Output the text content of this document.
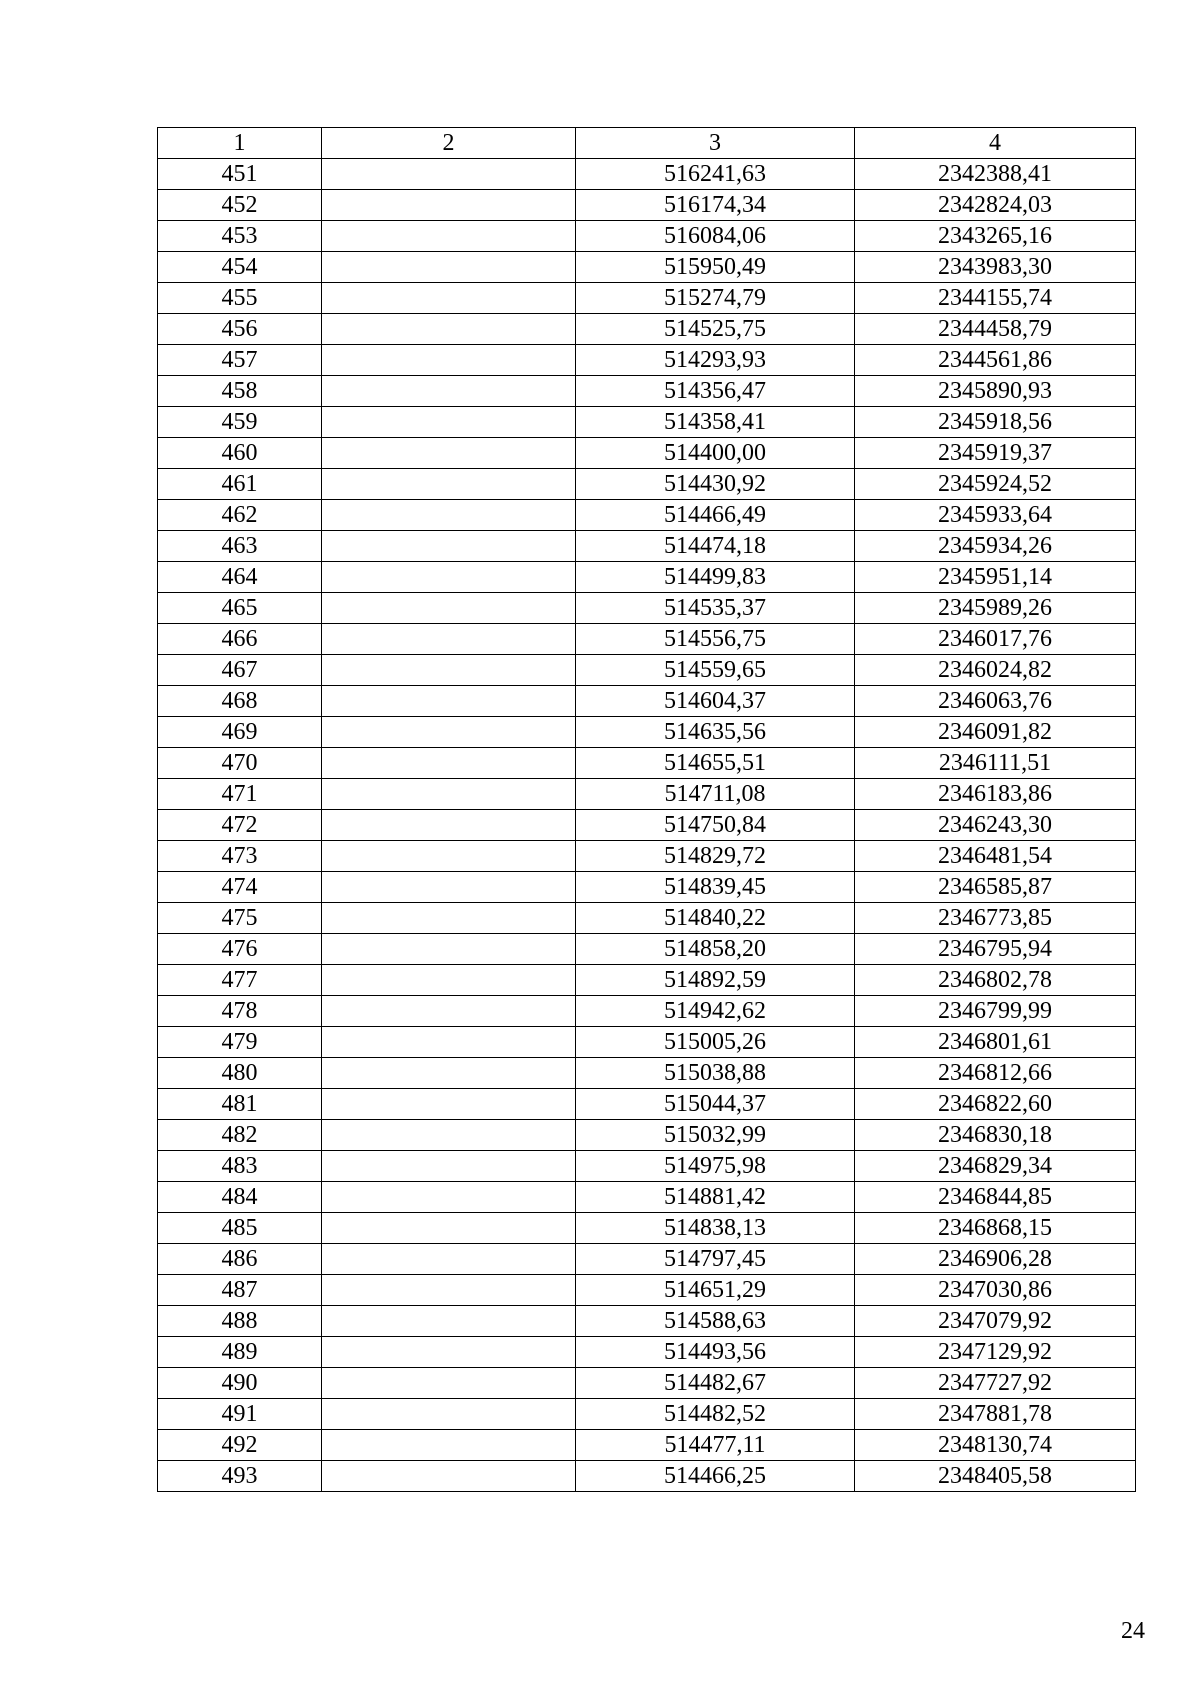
1	2	3	4
451		516241,63	2342388,41
452		516174,34	2342824,03
453		516084,06	2343265,16
454		515950,49	2343983,30
455		515274,79	2344155,74
456		514525,75	2344458,79
457		514293,93	2344561,86
458		514356,47	2345890,93
459		514358,41	2345918,56
460		514400,00	2345919,37
461		514430,92	2345924,52
462		514466,49	2345933,64
463		514474,18	2345934,26
464		514499,83	2345951,14
465		514535,37	2345989,26
466		514556,75	2346017,76
467		514559,65	2346024,82
468		514604,37	2346063,76
469		514635,56	2346091,82
470		514655,51	2346111,51
471		514711,08	2346183,86
472		514750,84	2346243,30
473		514829,72	2346481,54
474		514839,45	2346585,87
475		514840,22	2346773,85
476		514858,20	2346795,94
477		514892,59	2346802,78
478		514942,62	2346799,99
479		515005,26	2346801,61
480		515038,88	2346812,66
481		515044,37	2346822,60
482		515032,99	2346830,18
483		514975,98	2346829,34
484		514881,42	2346844,85
485		514838,13	2346868,15
486		514797,45	2346906,28
487		514651,29	2347030,86
488		514588,63	2347079,92
489		514493,56	2347129,92
490		514482,67	2347727,92
491		514482,52	2347881,78
492		514477,11	2348130,74
493		514466,25	2348405,58
24
